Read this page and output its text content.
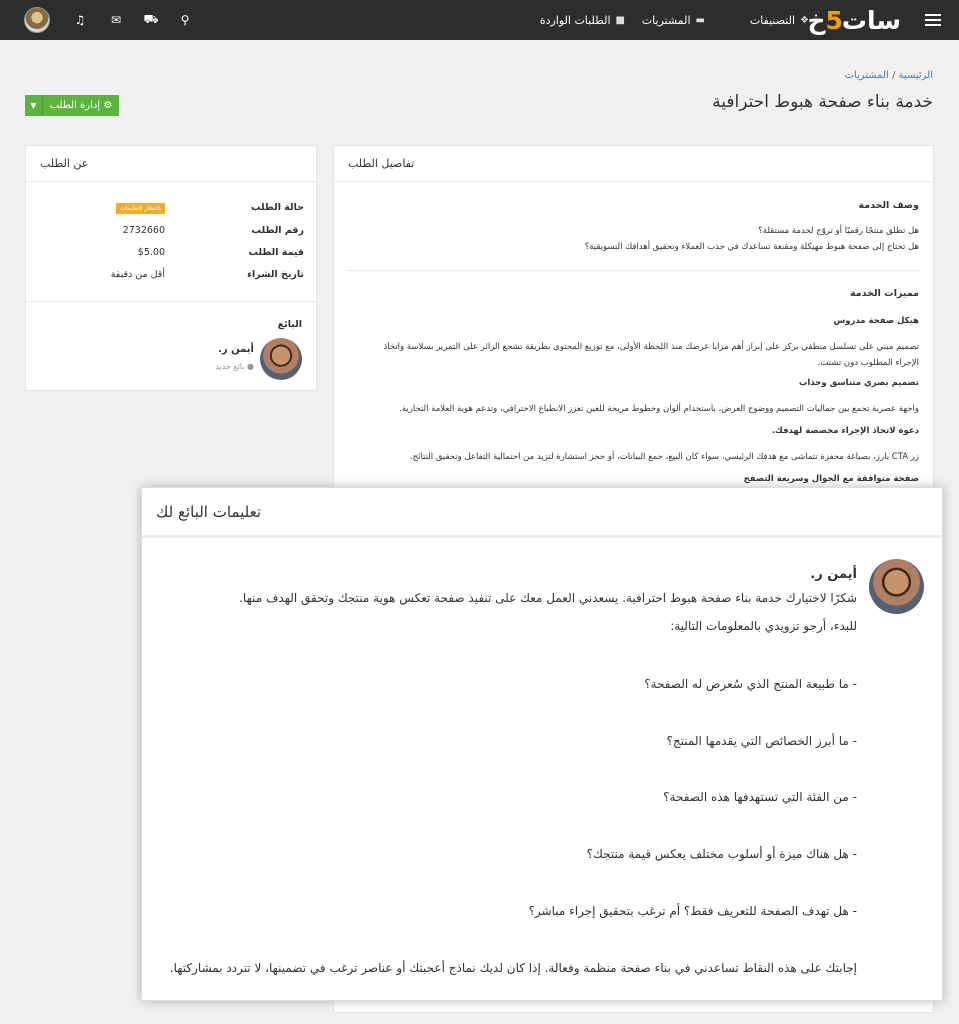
خ 5 سات
التصنيفات ❖
المشتريات ▬
الطلبات الواردة ■
⚲
⛟
✉
♫
الرئيسية / المشتريات
خدمة بناء صفحة هبوط احترافية
▼	⚙ إدارة الطلب
عن الطلب
حالة الطلب
بانتظار التعليمات
رقم الطلب
2732660
قيمة الطلب
$5.00
تاريخ الشراء
أقل من دقيقة
البائع
أيمن ر.
● بائع جديد
تفاصيل الطلب
وصف الخدمة
هل تطلق منتجًا رقميًا أو تروّج لخدمة مستقلة؟
هل تحتاج إلى صفحة هبوط مهيكلة ومقنعة تساعدك في جذب العملاء وتحقيق أهدافك التسويقية؟
مميزات الخدمة
هيكل صفحة مدروس
تصميم مبني على تسلسل منطقي يركز على إبراز أهم مزايا عرضك منذ اللحظة الأولى، مع توزيع المحتوى بطريقة تشجع الزائر على التمرير بسلاسة واتخاذ
الإجراء المطلوب دون تشتت.
تصميم بصري متناسق وجذاب
واجهة عصرية تجمع بين جماليات التصميم ووضوح العرض، باستخدام ألوان وخطوط مريحة للعين تعزز الانطباع الاحترافي، وتدعم هوية العلامة التجارية.
دعوة لاتخاذ الإجراء مخصصة لهدفك.
زر CTA بارز، بصياغة محفزة تتماشى مع هدفك الرئيسي، سواء كان البيع، جمع البيانات، أو حجز استشارة لتزيد من احتمالية التفاعل وتحقيق النتائج.
صفحة متوافقة مع الجوال وسريعة التصفح
تعليمات البائع لك
أيمن ر.
شكرًا لاختيارك خدمة بناء صفحة هبوط احترافية. يسعدني العمل معك على تنفيذ صفحة تعكس هوية منتجك وتحقق الهدف منها.
للبدء، أرجو تزويدي بالمعلومات التالية:
- ما طبيعة المنتج الذي سُعرض له الصفحة؟
- ما أبرز الخصائص التي يقدمها المنتج؟
- من الفئة التي تستهدفها هذه الصفحة؟
- هل هناك ميزة أو أسلوب مختلف يعكس قيمة منتجك؟
- هل تهدف الصفحة للتعريف فقط؟ أم ترغب بتحقيق إجراء مباشر؟
إجابتك على هذه النقاط تساعدني في بناء صفحة منظمة وفعالة. إذا كان لديك نماذج أعجبتك أو عناصر ترغب في تضمينها، لا تتردد بمشاركتها.
